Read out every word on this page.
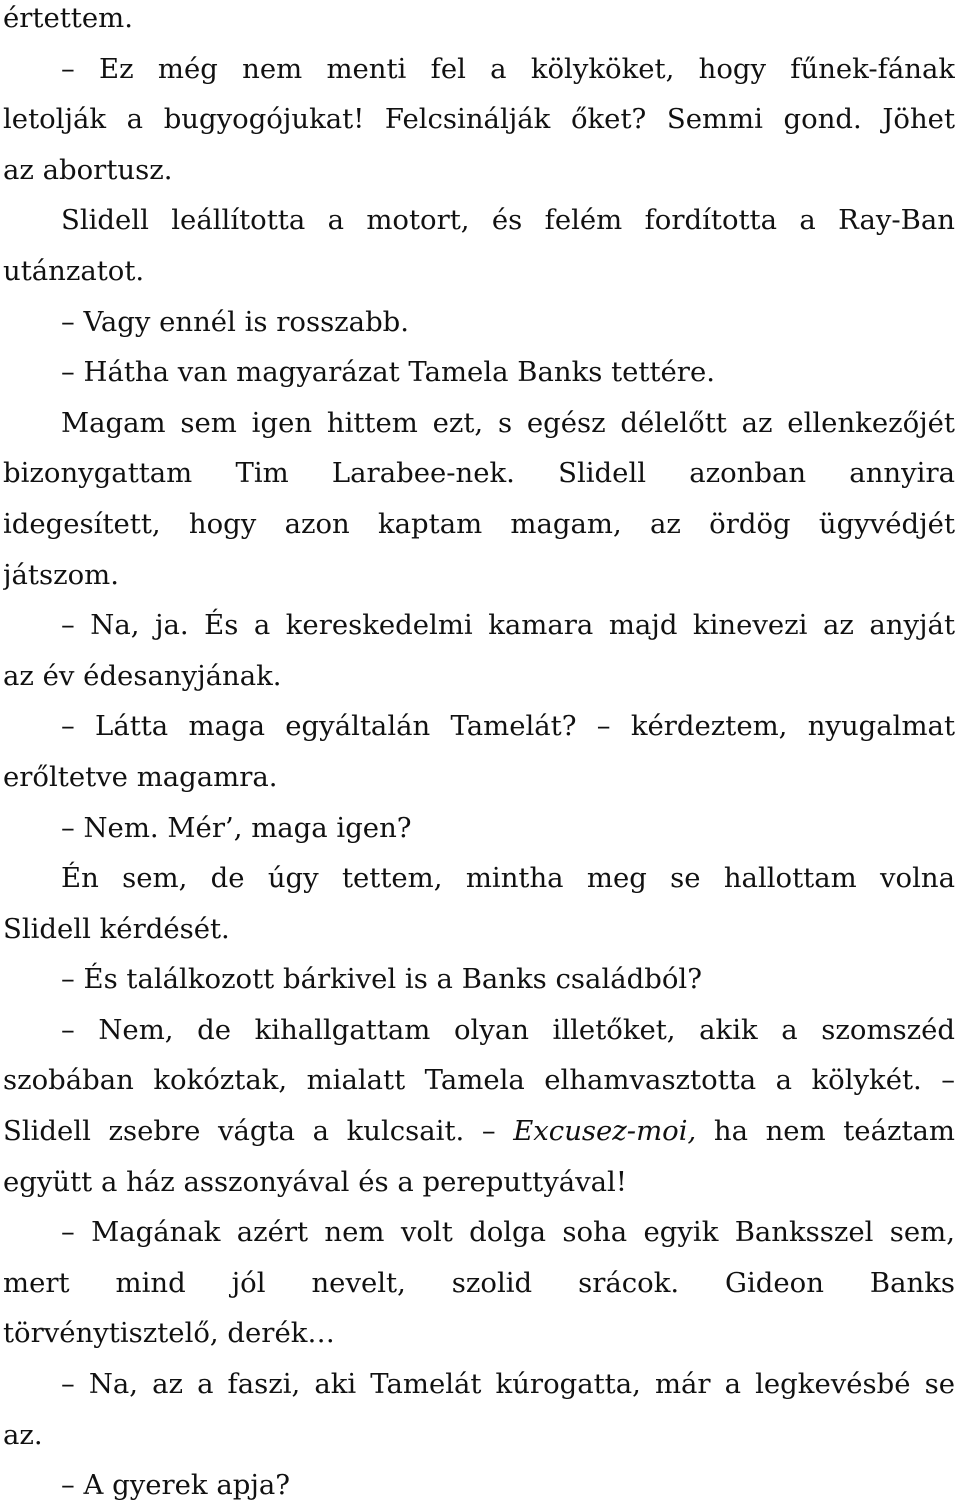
értettem.
– Ez még nem menti fel a kölyköket, hogy fűnek-fának
letolják a bugyogójukat! Felcsinálják őket? Semmi gond. Jöhet
az abortusz.
Slidell leállította a motort, és felém fordította a Ray-Ban
utánzatot.
– Vagy ennél is rosszabb.
– Hátha van magyarázat Tamela Banks tettére.
Magam sem igen hittem ezt, s egész délelőtt az ellenkezőjét
bizonygattam Tim Larabee-nek. Slidell azonban annyira
idegesített, hogy azon kaptam magam, az ördög ügyvédjét
játszom.
– Na, ja. És a kereskedelmi kamara majd kinevezi az anyját
az év édesanyjának.
– Látta maga egyáltalán Tamelát? – kérdeztem, nyugalmat
erőltetve magamra.
– Nem. Mér’, maga igen?
Én sem, de úgy tettem, mintha meg se hallottam volna
Slidell kérdését.
– És találkozott bárkivel is a Banks családból?
– Nem, de kihallgattam olyan illetőket, akik a szomszéd
szobában kokóztak, mialatt Tamela elhamvasztotta a kölykét. –
Slidell zsebre vágta a kulcsait. – Excusez-moi, ha nem teáztam
együtt a ház asszonyával és a pereputtyával!
– Magának azért nem volt dolga soha egyik Banksszel sem,
mert mind jól nevelt, szolid srácok. Gideon Banks
törvénytisztelő, derék…
– Na, az a faszi, aki Tamelát kúrogatta, már a legkevésbé se
az.
– A gyerek apja?
